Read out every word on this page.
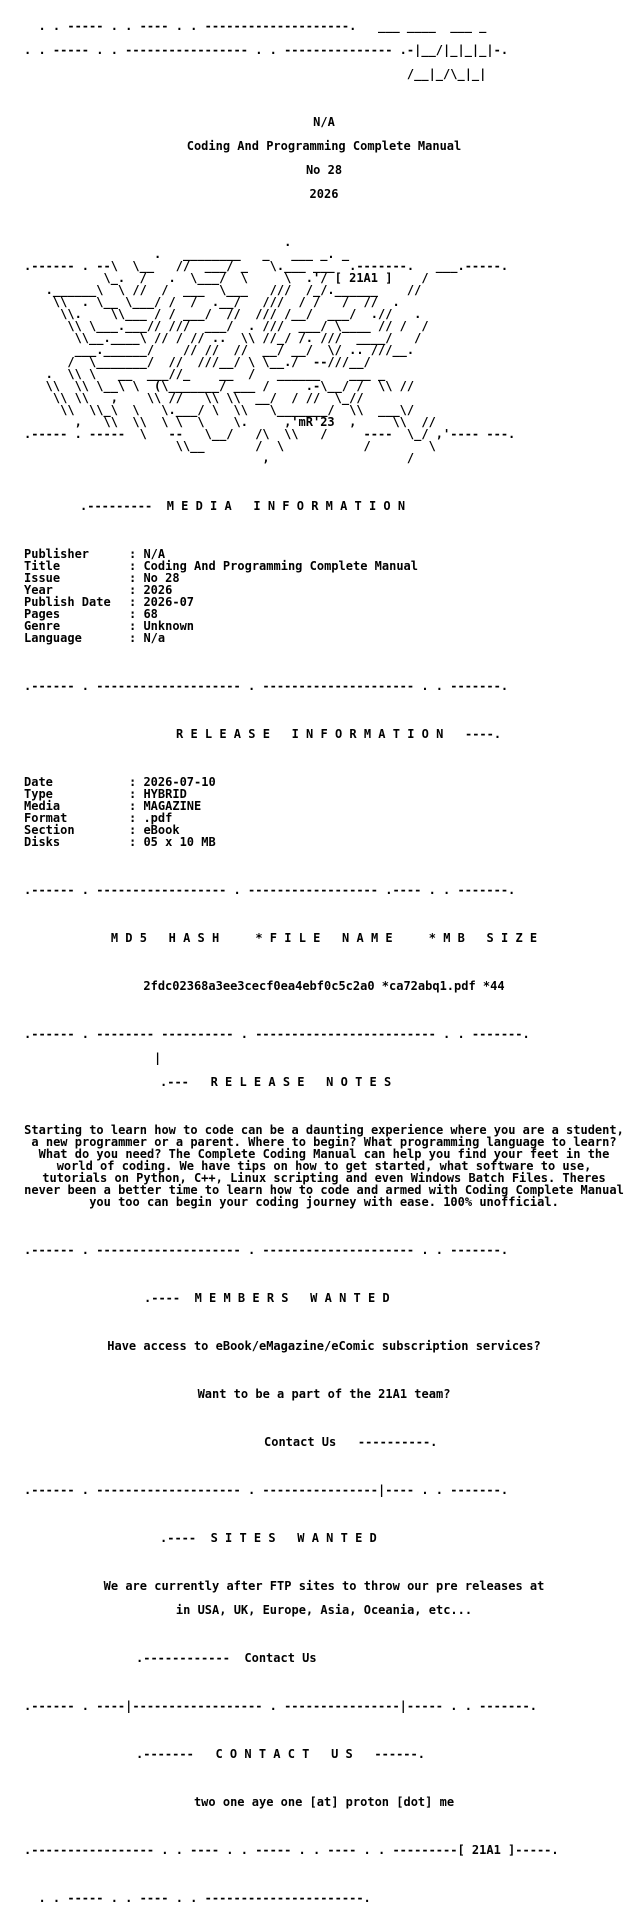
. . ----- . . ---- . . --------------------.   ___ ____  ___ _

. . ----- . . ----------------- . . --------------- .-|__/|_|_|_|-.

/__|_/\_|_|

N/A

Coding And Programming Complete Manual

No 28

2026

.
.   ________   _   ___ _. _
.------ . --\  \__   //  ___/ _   \.___ ___  .-------.   ___.-----.
\_.  /   .  \___/  \     \  .'/ [ 21A1 ]    /
.______\  \ //  /  ___  \___   ///  /_/.______    //
\\  . \__ \___/ /  /  .__/   ///  / /   /  //  .
\\.    \\___ / / ___/  //  /// /__/  ___/  .//   .
\\ \___.___// ///  ___/  . ///  ___/ \____ // /  /
\\__.____\ // / // ..  \\ //_/ /. ///  ____/   /
___.______/    // //  //  __/ __/  \/ .. ///__.
/  \_______/  //  ///__/ \ \__./  --///__/
.  \\ \   __  ___//_    __  /   ______    ___ _
\\  \\ \__\ \  (\_______/ ___ /     .-\__/ /  \\ //
\\ \\   ,    \\ //   \\ \\  __/  / //  \_//
\\  \\_\  \   \.___/ \  \\   \_______/  \\  ___\/
,   \\  \\  \ \  \    \.     ,'mR'23  ,     \\  //
.----- . -----  \   --   \__/   /\  \\   /     ----  \_/ ,'---- ---.
\\__       /  \           /        \
,                   /

.---------  M E D I A   I N F O R M A T I O N

Publisher	: N/A
Title	: Coding And Programming Complete Manual
Issue	: No 28
Year	: 2026
Publish Date : 2026-07
Pages	: 68
Genre	: Unknown
Language	: N/a

.------ . -------------------- . --------------------- . . -------.

R E L E A S E   I N F O R M A T I O N   ----.

Date	: 2026-07-10
Type	: HYBRID
Media	: MAGAZINE
Format	: .pdf
Section	: eBook
Disks	: 05 x 10 MB

.------ . ------------------ . ------------------ .---- . . -------.

M D 5   H A S H     * F I L E   N A M E     * M B   S I Z E

2fdc02368a3ee3cecf0ea4ebf0c5c2a0 *ca72abq1.pdf *44

.------ . -------- ---------- . ------------------------- . . -------.

|

.---   R E L E A S E   N O T E S

Starting to learn how to code can be a daunting experience where you are a student, a new programmer or a parent. Where to begin? What programming language to learn? What do you need? The Complete Coding Manual can help you find your feet in the world of coding. We have tips on how to get started, what software to use, tutorials on Python, C++, Linux scripting and even Windows Batch Files. Theres never been a better time to learn how to code and armed with Coding Complete Manual you too can begin your coding journey with ease. 100% unofficial.

.------ . -------------------- . --------------------- . . -------.

.----  M E M B E R S   W A N T E D

Have access to eBook/eMagazine/eComic subscription services?

Want to be a part of the 21A1 team?

Contact Us   ----------.

.------ . -------------------- . ----------------|---- . . -------.

.----  S I T E S   W A N T E D

We are currently after FTP sites to throw our pre releases at

in USA, UK, Europe, Asia, Oceania, etc...

.------------ Contact Us

.------ . ----|------------------ . ----------------|----- . . -------.

.-------   C O N T A C T   U S   ------.

two one aye one [at] proton [dot] me

.----------------- . . ---- . . ----- . . ---- . . ---------[ 21A1 ]-----.

. . ----- . . ---- . . ----------------------.
